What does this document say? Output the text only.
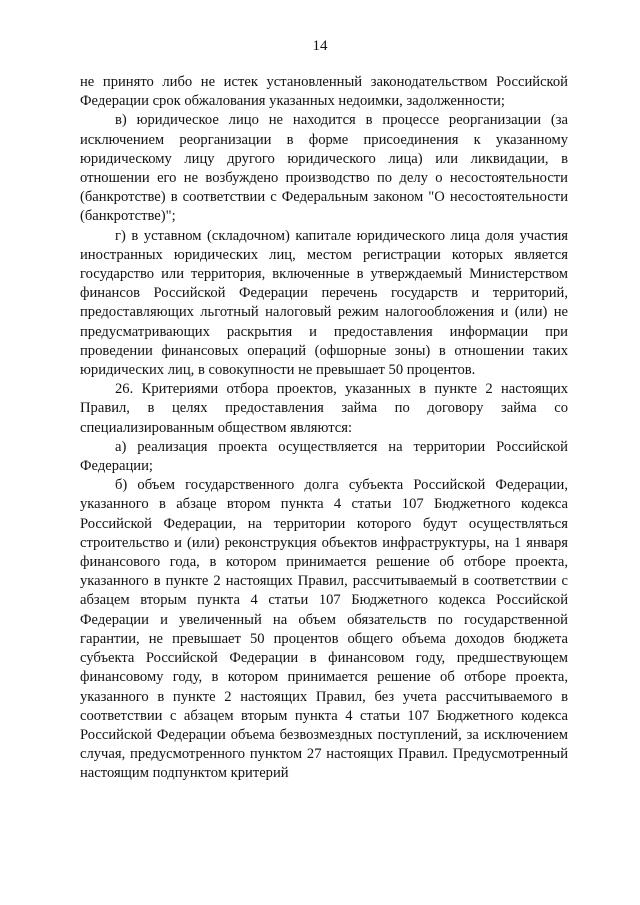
14

не принято либо не истек установленный законодательством Российской Федерации срок обжалования указанных недоимки, задолженности;

в) юридическое лицо не находится в процессе реорганизации (за исключением реорганизации в форме присоединения к указанному юридическому лицу другого юридического лица) или ликвидации, в отношении его не возбуждено производство по делу о несостоятельности (банкротстве) в соответствии с Федеральным законом "О несостоятельности (банкротстве)";

г) в уставном (складочном) капитале юридического лица доля участия иностранных юридических лиц, местом регистрации которых является государство или территория, включенные в утверждаемый Министерством финансов Российской Федерации перечень государств и территорий, предоставляющих льготный налоговый режим налогообложения и (или) не предусматривающих раскрытия и предоставления информации при проведении финансовых операций (офшорные зоны) в отношении таких юридических лиц, в совокупности не превышает 50 процентов.

26. Критериями отбора проектов, указанных в пункте 2 настоящих Правил, в целях предоставления займа по договору займа со специализированным обществом являются:

а) реализация проекта осуществляется на территории Российской Федерации;

б) объем государственного долга субъекта Российской Федерации, указанного в абзаце втором пункта 4 статьи 107 Бюджетного кодекса Российской Федерации, на территории которого будут осуществляться строительство и (или) реконструкция объектов инфраструктуры, на 1 января финансового года, в котором принимается решение об отборе проекта, указанного в пункте 2 настоящих Правил, рассчитываемый в соответствии с абзацем вторым пункта 4 статьи 107 Бюджетного кодекса Российской Федерации и увеличенный на объем обязательств по государственной гарантии, не превышает 50 процентов общего объема доходов бюджета субъекта Российской Федерации в финансовом году, предшествующем финансовому году, в котором принимается решение об отборе проекта, указанного в пункте 2 настоящих Правил, без учета рассчитываемого в соответствии с абзацем вторым пункта 4 статьи 107 Бюджетного кодекса Российской Федерации объема безвозмездных поступлений, за исключением случая, предусмотренного пунктом 27 настоящих Правил. Предусмотренный настоящим подпунктом критерий
